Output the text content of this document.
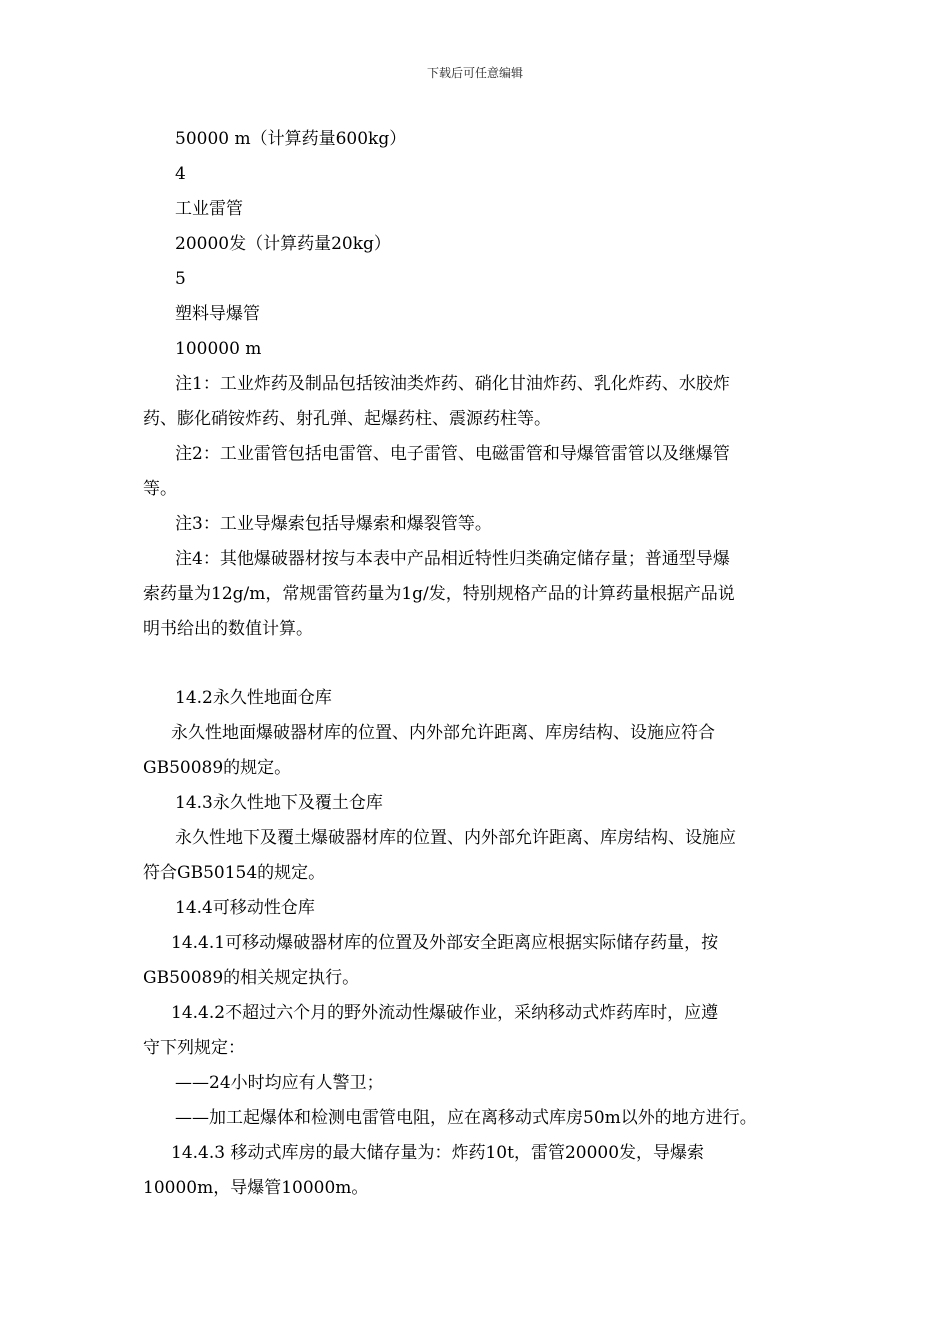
下载后可任意编辑

50000 m（计算药量600kg）

4

工业雷管

20000发（计算药量20kg）

5

塑料导爆管

100000 m

注1：工业炸药及制品包括铵油类炸药、硝化甘油炸药、乳化炸药、水胶炸

药、膨化硝铵炸药、射孔弹、起爆药柱、震源药柱等。

注2：工业雷管包括电雷管、电子雷管、电磁雷管和导爆管雷管以及继爆管

等。

注3：工业导爆索包括导爆索和爆裂管等。

注4：其他爆破器材按与本表中产品相近特性归类确定储存量；普通型导爆

索药量为12g/m，常规雷管药量为1g/发，特别规格产品的计算药量根据产品说

明书给出的数值计算。

14.2永久性地面仓库

永久性地面爆破器材库的位置、内外部允许距离、库房结构、设施应符合

GB50089的规定。

14.3永久性地下及覆土仓库

永久性地下及覆土爆破器材库的位置、内外部允许距离、库房结构、设施应

符合GB50154的规定。

14.4可移动性仓库

14.4.1可移动爆破器材库的位置及外部安全距离应根据实际储存药量，按

GB50089的相关规定执行。

14.4.2不超过六个月的野外流动性爆破作业，采纳移动式炸药库时，应遵

守下列规定：

——24小时均应有人警卫；

——加工起爆体和检测电雷管电阻，应在离移动式库房50m以外的地方进行。

14.4.3 移动式库房的最大储存量为：炸药10t，雷管20000发，导爆索

10000m，导爆管10000m。
